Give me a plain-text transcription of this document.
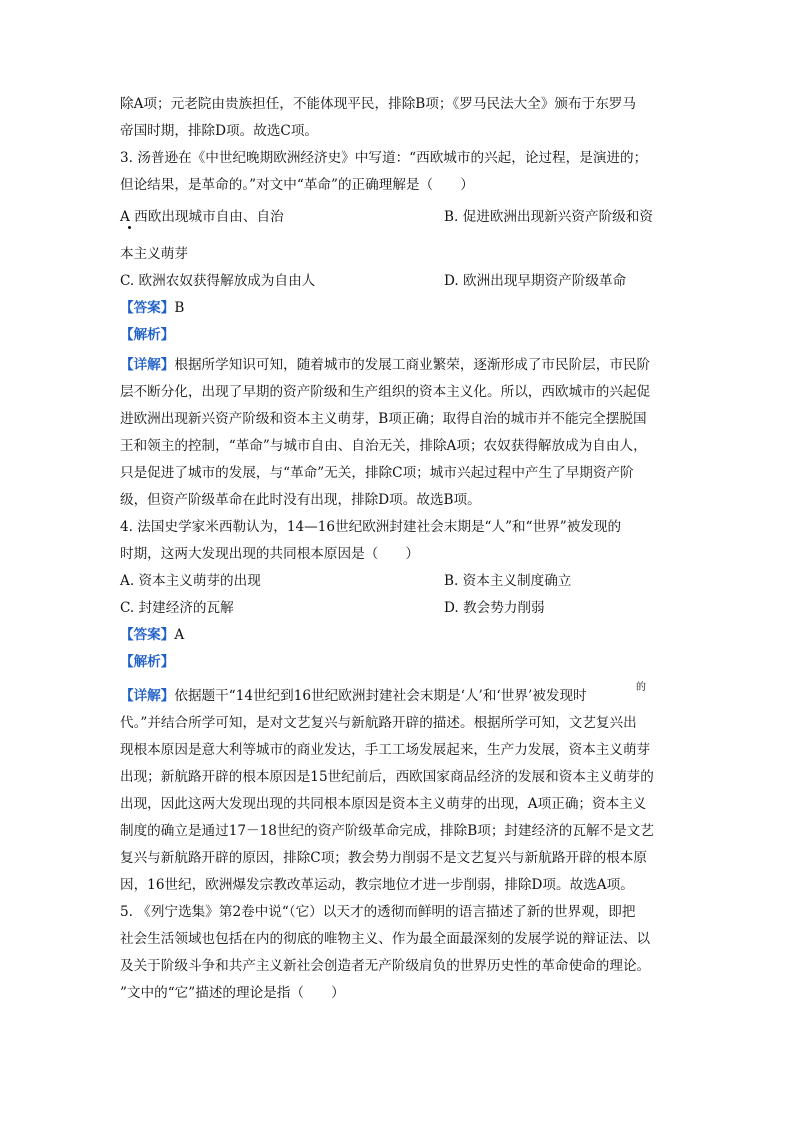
除A项；元老院由贵族担任，不能体现平民，排除B项；《罗马民法大全》颁布于东罗马
帝国时期，排除D项。故选C项。
3. 汤普逊在《中世纪晚期欧洲经济史》中写道：“西欧城市的兴起，论过程，是演进的；
但论结果，是革命的。”对文中“革命”的正确理解是（　　）
A 西欧出现城市自由、自治	B. 促进欧洲出现新兴资产阶级和资
本主义萌芽
C. 欧洲农奴获得解放成为自由人	D. 欧洲出现早期资产阶级革命
【答案】B
【解析】
【详解】根据所学知识可知，随着城市的发展工商业繁荣，逐渐形成了市民阶层，市民阶
层不断分化，出现了早期的资产阶级和生产组织的资本主义化。所以，西欧城市的兴起促
进欧洲出现新兴资产阶级和资本主义萌芽，B项正确；取得自治的城市并不能完全摆脱国
王和领主的控制，“革命”与城市自由、自治无关，排除A项；农奴获得解放成为自由人，
只是促进了城市的发展，与“革命”无关，排除C项；城市兴起过程中产生了早期资产阶
级，但资产阶级革命在此时没有出现，排除D项。故选B项。
4. 法国史学家米西勒认为，14—16世纪欧洲封建社会末期是“人”和“世界”被发现的
时期，这两大发现出现的共同根本原因是（　　）
A. 资本主义萌芽的出现	B. 资本主义制度确立
C. 封建经济的瓦解	D. 教会势力削弱
【答案】A
【解析】
【详解】依据题干“14世纪到16世纪欧洲封建社会末期是‘人’和‘世界’被发现时
的
代。”并结合所学可知，是对文艺复兴与新航路开辟的描述。根据所学可知，文艺复兴出
现根本原因是意大利等城市的商业发达，手工工场发展起来，生产力发展，资本主义萌芽
出现；新航路开辟的根本原因是15世纪前后，西欧国家商品经济的发展和资本主义萌芽的
出现，因此这两大发现出现的共同根本原因是资本主义萌芽的出现，A项正确；资本主义
制度的确立是通过17－18世纪的资产阶级革命完成，排除B项；封建经济的瓦解不是文艺
复兴与新航路开辟的原因，排除C项；教会势力削弱不是文艺复兴与新航路开辟的根本原
因，16世纪，欧洲爆发宗教改革运动，教宗地位才进一步削弱，排除D项。故选A项。
5. 《列宁选集》第2卷中说“（它）以天才的透彻而鲜明的语言描述了新的世界观，即把
社会生活领域也包括在内的彻底的唯物主义、作为最全面最深刻的发展学说的辩证法、以
及关于阶级斗争和共产主义新社会创造者无产阶级肩负的世界历史性的革命使命的理论。
”文中的“它”描述的理论是指（　　）
